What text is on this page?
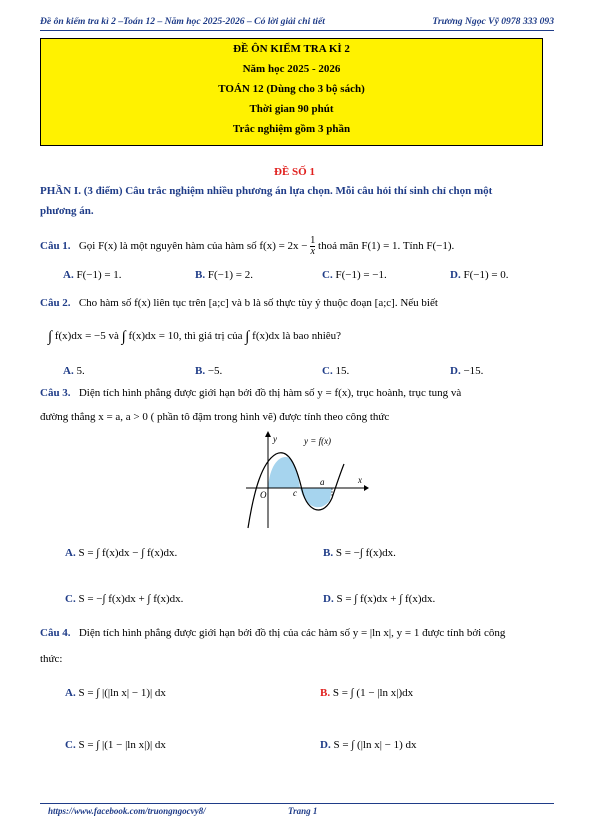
Đề ôn kiểm tra kì 2 –Toán 12 – Năm học 2025-2026 – Có lời giải chi tiết	Trương Ngọc Vỹ 0978 333 093
ĐỀ ÔN KIỂM TRA KÌ 2
Năm học 2025 - 2026
TOÁN 12 (Dùng cho 3 bộ sách)
Thời gian 90 phút
Trắc nghiệm gồm 3 phần
ĐỀ SỐ 1
PHẦN I. (3 điểm) Câu trắc nghiệm nhiều phương án lựa chọn. Mỗi câu hỏi thí sinh chỉ chọn một
phương án.
Câu 1. Gọi F(x) là một nguyên hàm của hàm số $f(x) = 2x - \frac{1}{x}$ thoả mãn F(1) = 1. Tính F(−1).
A. F(−1) = 1.	B. F(−1) = 2.	C. F(−1) = −1.	D. F(−1) = 0.
Câu 2. Cho hàm số f(x) liên tục trên [a;c] và b là số thực tùy ý thuộc đoạn [a;c]. Nếu biết
∫ f(x)dx = −5 và ∫ f(x)dx = 10, thì giá trị của ∫ f(x)dx là bao nhiêu?
A. 5.	B. −5.	C. 15.	D. −15.
Câu 3. Diện tích hình phẳng được giới hạn bởi đồ thị hàm số y = f(x), trục hoành, trục tung và
đường thẳng x = a, a > 0 ( phần tô đậm trong hình vẽ) được tính theo công thức
y	y = f(x)
x
O	c
a
A. S = ∫ f(x)dx − ∫ f(x)dx.	B. S = −∫ f(x)dx.
C. S = −∫ f(x)dx + ∫ f(x)dx.	D. S = ∫ f(x)dx + ∫ f(x)dx.
Câu 4. Diện tích hình phẳng được giới hạn bởi đồ thị của các hàm số y = |ln x|, y = 1 được tính bởi công
thức:
A. S = ∫ |(|ln x| − 1)| dx	B. S = ∫ (1 − |ln x|)dx
C. S = ∫ |(1 − |ln x|)| dx	D. S = ∫ (|ln x| − 1) dx
https://www.facebook.com/truongngocvy8/	Trang 1
